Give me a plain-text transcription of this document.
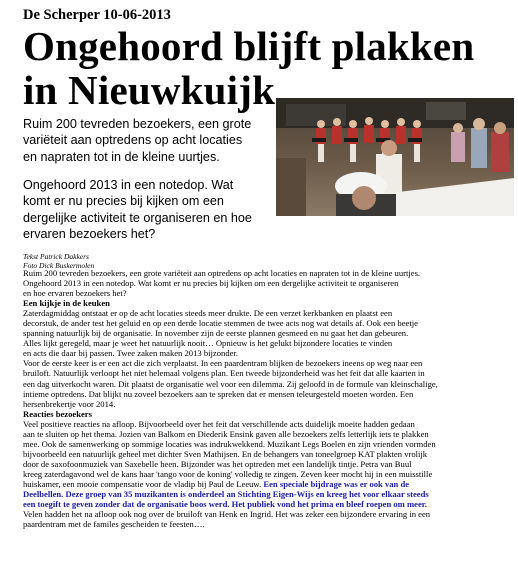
De Scherper 10-06-2013
Ongehoord blijft plakken in Nieuwkuijk
Ruim 200 tevreden bezoekers, een grote
variëteit aan optredens op acht locaties
en napraten tot in de kleine uurtjes.
Ongehoord 2013 in een notedop. Wat
komt er nu precies bij kijken om een
dergelijke activiteit te organiseren en hoe
ervaren bezoekers het?
Tekst Patrick Dakkers
Foto Dick Buskermolen

Ruim 200 tevreden bezoekers, een grote variëteit aan optredens op acht locaties en napraten tot in de kleine uurtjes.

Ongehoord 2013 in een notedop. Wat komt er nu precies bij kijken om een dergelijke activiteit te organiseren

en hoe ervaren bezoekers het?

Een kijkje in de keuken

Zaterdagmiddag ontstaat er op de acht locaties steeds meer drukte. De een verzet kerkbanken en plaatst een

decorstuk, de ander test het geluid en op een derde locatie stemmen de twee acts nog wat details af. Ook een beetje

spanning natuurlijk bij de organisatie. In november zijn de eerste plannen gesmeed en nu gaat het dan gebeuren.

Alles lijkt geregeld, maar je weet het natuurlijk nooit… Opnieuw is het gelukt bijzondere locaties te vinden

en acts die daar bij passen. Twee zaken maken 2013 bijzonder.

Voor de eerste keer is er een act die zich verplaatst. In een paardentram blijken de bezoekers ineens op weg naar een

bruiloft. Natuurlijk verloopt het niet helemaal volgens plan. Een tweede bijzonderheid was het feit dat alle kaarten in

een dag uitverkocht waren. Dit plaatst de organisatie wel voor een dilemma. Zij geloofd in de formule van kleinschalige,

intieme optredens. Dat blijkt nu zoveel bezoekers aan te spreken dat er mensen teleurgesteld moeten worden. Een

hersenbrekertje voor 2014.

Reacties bezoekers

Veel positieve reacties na afloop. Bijvoorbeeld over het feit dat verschillende acts duidelijk moeite hadden gedaan

aan te sluiten op het thema. Jozien van Balkom en Diederik Ensink gaven alle bezoekers zelfs letterlijk iets te plakken

mee. Ook de samenwerking op sommige locaties was indrukwekkend. Muzikant Legs Boelen en zijn vrienden vormden

bijvoorbeeld een natuurlijk geheel met dichter Sven Mathijsen. En de behangers van toneelgroep KAT plakten vrolijk

door de saxofoonmuziek van Saxebelle heen. Bijzonder was het optreden met een landelijk tintje. Petra van Buul

kreeg zaterdagavond wel de kans haar 'tango voor de koning' volledig te zingen. Zeven keer mocht hij in een muisstille

huiskamer, een mooie compensatie voor de vladip bij Paul de Leeuw. Een speciale bijdrage was er ook van de

Deelbellen. Deze groep van 35 muzikanten is onderdeel an Stichting Eigen-Wijs en kreeg het voor elkaar steeds

een toegift te geven zonder dat de organisatie boos werd. Het publiek vond het prima en bleef roepen om meer.

Velen hadden het na afloop ook nog over de bruiloft van Henk en Ingrid. Het was zeker een bijzondere ervaring in een

paardentram met de familes gescheiden te feesten….
